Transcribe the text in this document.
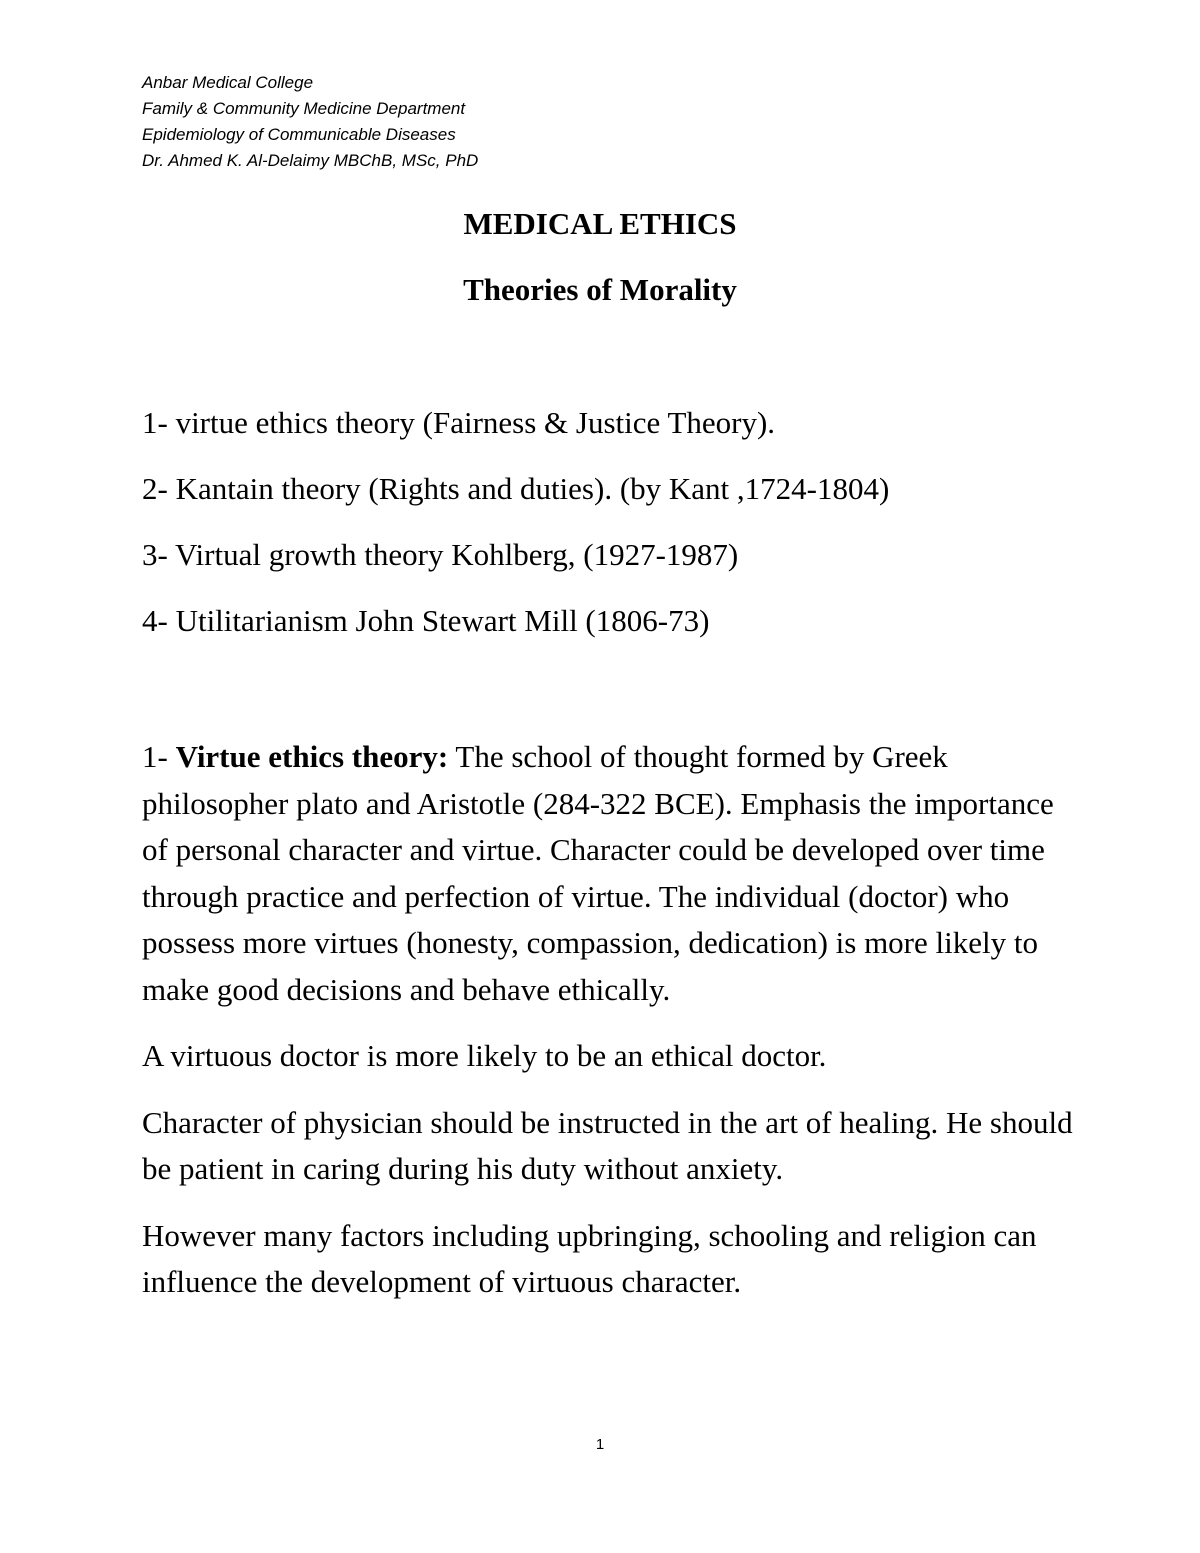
Anbar Medical College
Family & Community Medicine Department
Epidemiology of Communicable Diseases
Dr. Ahmed K. Al-Delaimy MBChB, MSc, PhD
MEDICAL ETHICS
Theories of Morality
1- virtue ethics theory (Fairness & Justice Theory).
2- Kantain theory (Rights and duties). (by Kant ,1724-1804)
3- Virtual growth theory Kohlberg, (1927-1987)
4- Utilitarianism John Stewart Mill (1806-73)

1- Virtue ethics theory: The school of thought formed by Greek philosopher plato and Aristotle (284-322 BCE). Emphasis the importance of personal character and virtue. Character could be developed over time through practice and perfection of virtue. The individual (doctor) who possess more virtues (honesty, compassion, dedication) is more likely to make good decisions and behave ethically.

A virtuous doctor is more likely to be an ethical doctor.

Character of physician should be instructed in the art of healing. He should be patient in caring during his duty without anxiety.

However many factors including upbringing, schooling and religion can influence the development of virtuous character.

1
